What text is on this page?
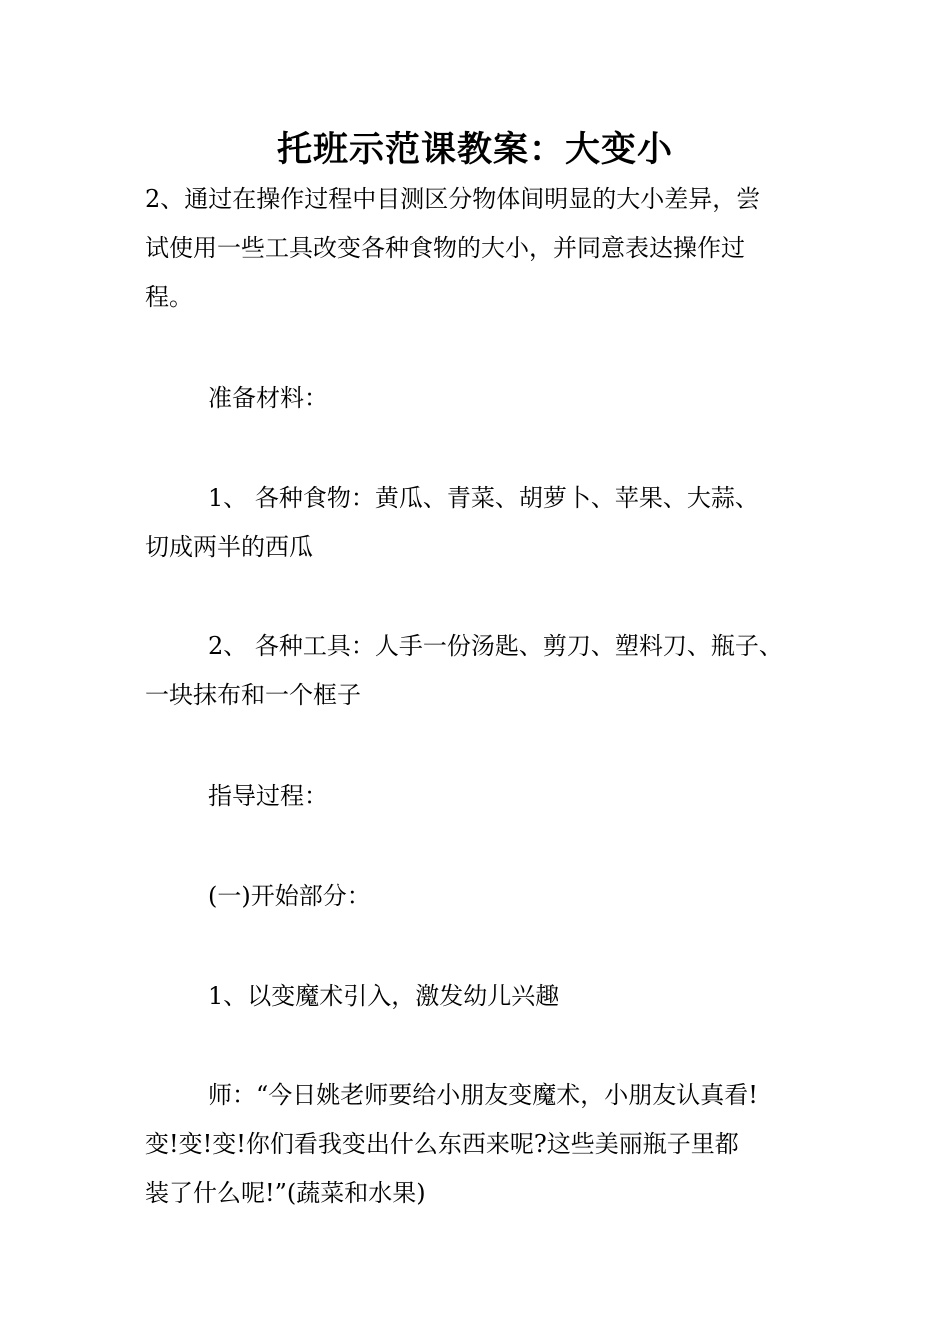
托班示范课教案：大变小
2、通过在操作过程中目测区分物体间明显的大小差异，尝
试使用一些工具改变各种食物的大小，并同意表达操作过
程。
准备材料：
1、 各种食物：黄瓜、青菜、胡萝卜、苹果、大蒜、
切成两半的西瓜
2、 各种工具：人手一份汤匙、剪刀、塑料刀、瓶子、
一块抹布和一个框子
指导过程：
(一)开始部分：
1、以变魔术引入，激发幼儿兴趣
师：“今日姚老师要给小朋友变魔术，小朋友认真看!
变!变!变!你们看我变出什么东西来呢?这些美丽瓶子里都
装了什么呢!”(蔬菜和水果)
